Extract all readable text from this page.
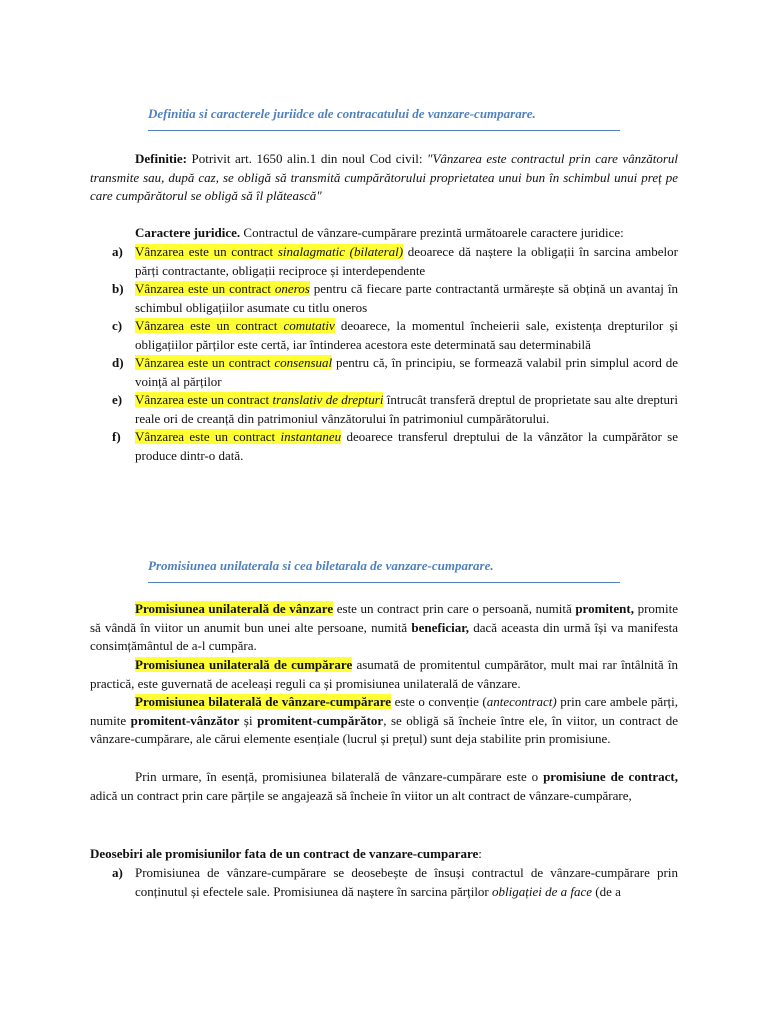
Definitia si caracterele juriidce ale contracatului de vanzare-cumparare.

Definitie: Potrivit art. 1650 alin.1 din noul Cod civil: "Vânzarea este contractul prin care vânzătorul transmite sau, după caz, se obligă să transmită cumpărătorului proprietatea unui bun în schimbul unui preț pe care cumpărătorul se obligă să îl plătească"

Caractere juridice. Contractul de vânzare-cumpărare prezintă următoarele caractere juridice:

a) Vânzarea este un contract sinalagmatic (bilateral) deoarece dă naștere la obligații în sarcina ambelor părți contractante, obligații reciproce și interdependente
b) Vânzarea este un contract oneros pentru că fiecare parte contractantă urmărește să obțină un avantaj în schimbul obligațiilor asumate cu titlu oneros
c) Vânzarea este un contract comutativ deoarece, la momentul încheierii sale, existența drepturilor și obligațiilor părților este certă, iar întinderea acestora este determinată sau determinabilă
d) Vânzarea este un contract consensual pentru că, în principiu, se formează valabil prin simplul acord de voință al părților
e) Vânzarea este un contract translativ de drepturi întrucât transferă dreptul de proprietate sau alte drepturi reale ori de creanță din patrimoniul vânzătorului în patrimoniul cumpărătorului.
f) Vânzarea este un contract instantaneu deoarece transferul dreptului de la vânzător la cumpărător se produce dintr-o dată.
Promisiunea unilaterala si cea biletarala de vanzare-cumparare.

Promisiunea unilaterală de vânzare este un contract prin care o persoană, numită promitent, promite să vândă în viitor un anumit bun unei alte persoane, numită beneficiar, dacă aceasta din urmă își va manifesta consimțământul de a-l cumpăra.

Promisiunea unilaterală de cumpărare asumată de promitentul cumpărător, mult mai rar întâlnită în practică, este guvernată de aceleași reguli ca și promisiunea unilaterală de vânzare.

Promisiunea bilaterală de vânzare-cumpărare este o convenție (antecontract) prin care ambele părți, numite promitent-vânzător și promitent-cumpărător, se obligă să încheie între ele, în viitor, un contract de vânzare-cumpărare, ale cărui elemente esențiale (lucrul și prețul) sunt deja stabilite prin promisiune.

Prin urmare, în esență, promisiunea bilaterală de vânzare-cumpărare este o promisiune de contract, adică un contract prin care părțile se angajează să încheie în viitor un alt contract de vânzare-cumpărare,

Deosebiri ale promisiunilor fata de un contract de vanzare-cumparare:

a) Promisiunea de vânzare-cumpărare se deosebește de însuși contractul de vânzare-cumpărare prin conținutul și efectele sale. Promisiunea dă naștere în sarcina părților obligației de a face (de a
